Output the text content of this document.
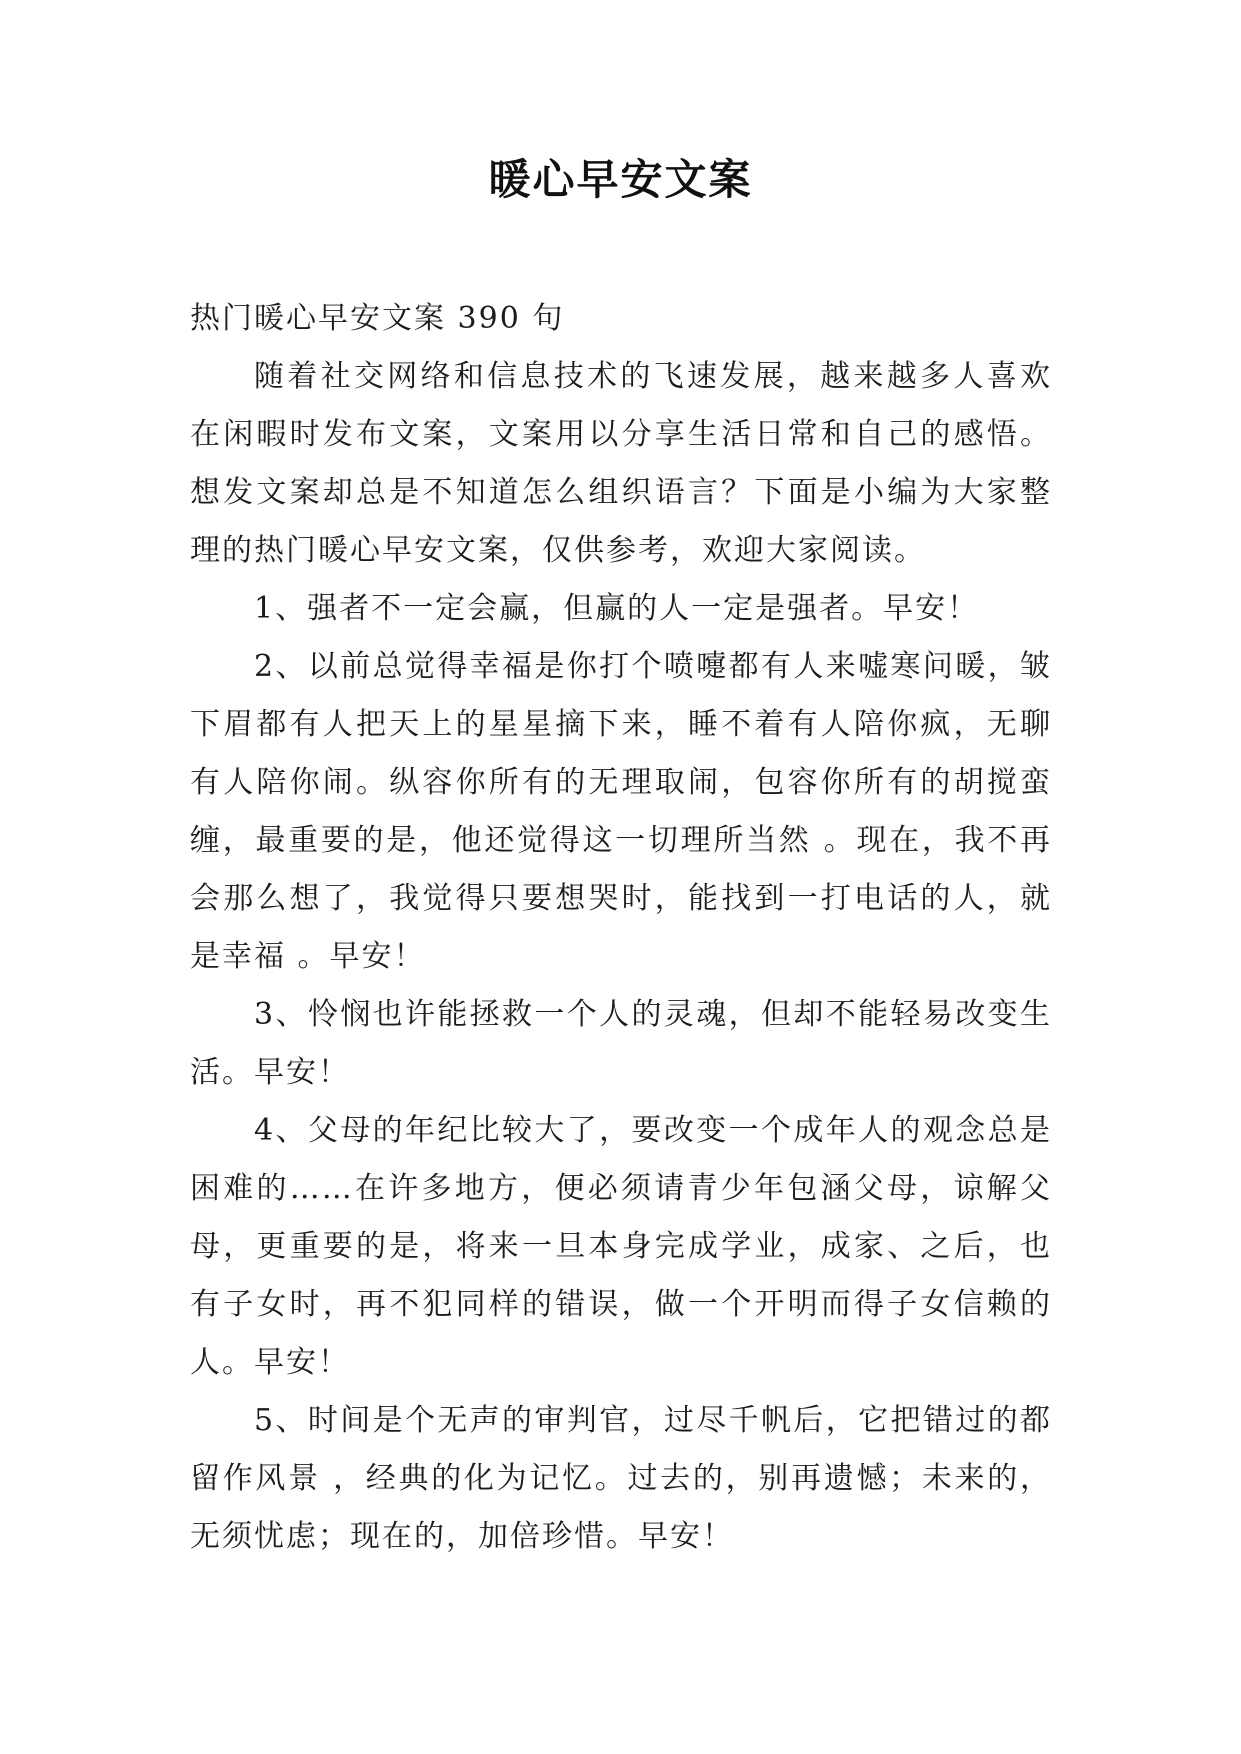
暖心早安文案

热门暖心早安文案 390 句

随着社交网络和信息技术的飞速发展，越来越多人喜欢在闲暇时发布文案，文案用以分享生活日常和自己的感悟。想发文案却总是不知道怎么组织语言？下面是小编为大家整理的热门暖心早安文案，仅供参考，欢迎大家阅读。

1、强者不一定会赢，但赢的人一定是强者。早安！

2、以前总觉得幸福是你打个喷嚏都有人来嘘寒问暖，皱下眉都有人把天上的星星摘下来，睡不着有人陪你疯，无聊有人陪你闹。纵容你所有的无理取闹，包容你所有的胡搅蛮缠，最重要的是，他还觉得这一切理所当然 。现在，我不再会那么想了，我觉得只要想哭时，能找到一打电话的人，就是幸福 。早安！

3、怜悯也许能拯救一个人的灵魂，但却不能轻易改变生活。早安！

4、父母的年纪比较大了，要改变一个成年人的观念总是困难的……在许多地方，便必须请青少年包涵父母，谅解父母，更重要的是，将来一旦本身完成学业，成家、之后，也有子女时，再不犯同样的错误，做一个开明而得子女信赖的人。早安！

5、时间是个无声的审判官，过尽千帆后，它把错过的都留作风景 ，经典的化为记忆。过去的，别再遗憾；未来的，无须忧虑；现在的，加倍珍惜。早安！
